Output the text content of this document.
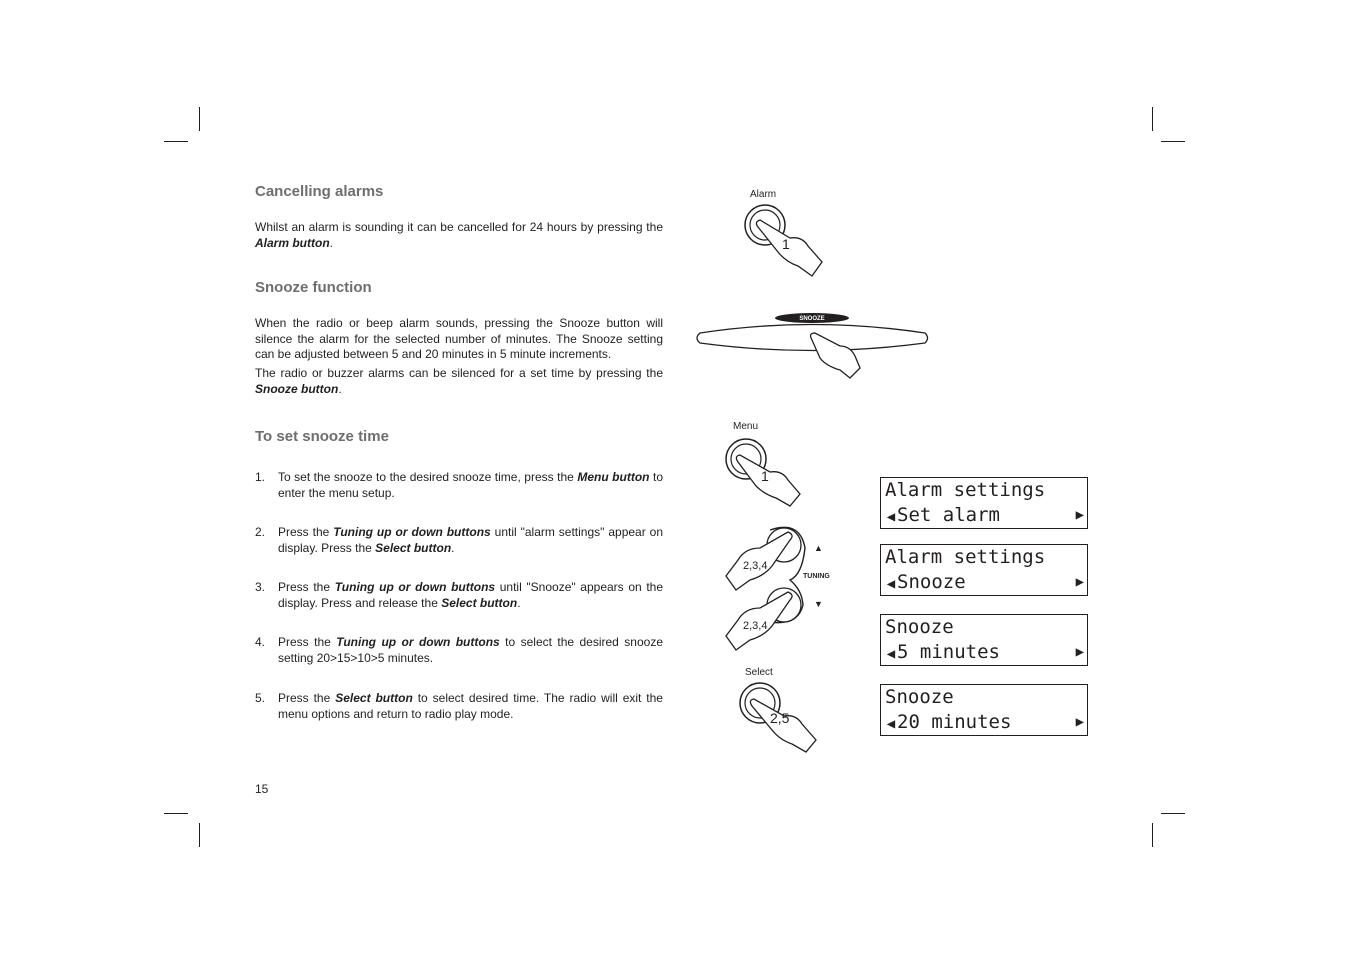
Cancelling alarms

Whilst an alarm is sounding it can be cancelled for 24 hours by pressing the Alarm button.

Snooze function

When the radio or beep alarm sounds, pressing the Snooze button will silence the alarm for the selected number of minutes. The Snooze setting can be adjusted between 5 and 20 minutes in 5 minute increments.

The radio or buzzer alarms can be silenced for a set time by pressing the Snooze button.

To set snooze time
1. To set the snooze to the desired snooze time, press the Menu button to enter the menu setup.
2. Press the Tuning up or down buttons until "alarm settings" appear on display. Press the Select button.
3. Press the Tuning up or down buttons until "Snooze" appears on the display. Press and release the Select button.
4. Press the Tuning up or down buttons to select the desired snooze setting 20>15>10>5 minutes.
5. Press the Select button to select desired time. The radio will exit the menu options and return to radio play mode.
15
Alarm
1
SNOOZE
Menu
1
2,3,4
2,3,4
▲
TUNING
▼
Select
2,5
Alarm settings
◀Set alarm	▶
Alarm settings
◀Snooze	▶
Snooze
◀5 minutes	▶
Snooze
◀20 minutes	▶
